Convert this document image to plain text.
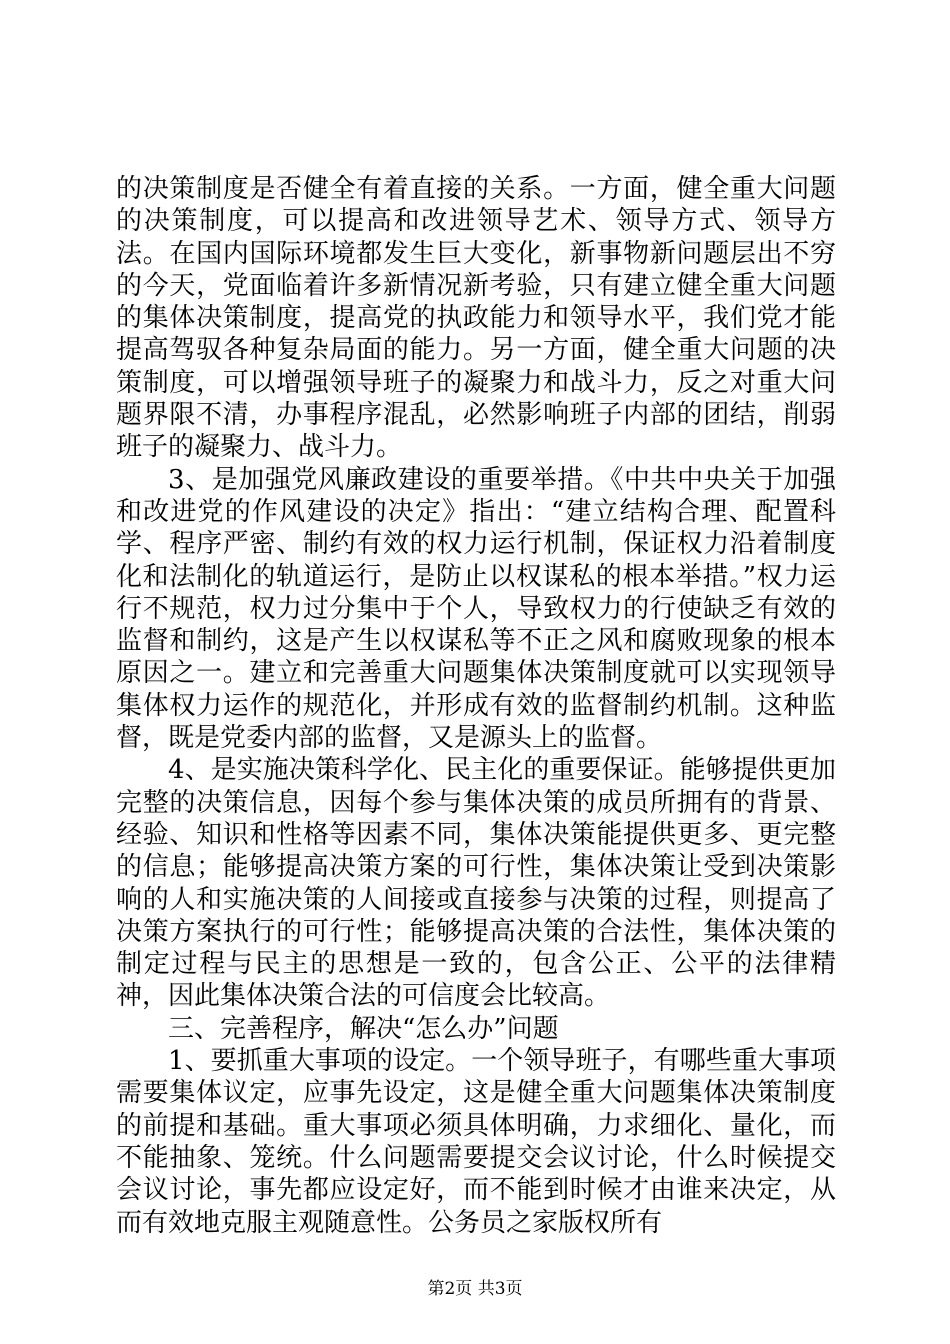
的决策制度是否健全有着直接的关系。一方面，健全重大问题的决策制度，可以提高和改进领导艺术、领导方式、领导方法。在国内国际环境都发生巨大变化，新事物新问题层出不穷的今天，党面临着许多新情况新考验，只有建立健全重大问题的集体决策制度，提高党的执政能力和领导水平，我们党才能提高驾驭各种复杂局面的能力。另一方面，健全重大问题的决策制度，可以增强领导班子的凝聚力和战斗力，反之对重大问题界限不清，办事程序混乱，必然影响班子内部的团结，削弱班子的凝聚力、战斗力。

3、是加强党风廉政建设的重要举措。《中共中央关于加强和改进党的作风建设的决定》指出：“建立结构合理、配置科学、程序严密、制约有效的权力运行机制，保证权力沿着制度化和法制化的轨道运行，是防止以权谋私的根本举措。”权力运行不规范，权力过分集中于个人，导致权力的行使缺乏有效的监督和制约，这是产生以权谋私等不正之风和腐败现象的根本原因之一。建立和完善重大问题集体决策制度就可以实现领导集体权力运作的规范化，并形成有效的监督制约机制。这种监督，既是党委内部的监督，又是源头上的监督。

4、是实施决策科学化、民主化的重要保证。能够提供更加完整的决策信息，因每个参与集体决策的成员所拥有的背景、经验、知识和性格等因素不同，集体决策能提供更多、更完整的信息；能够提高决策方案的可行性，集体决策让受到决策影响的人和实施决策的人间接或直接参与决策的过程，则提高了决策方案执行的可行性；能够提高决策的合法性，集体决策的制定过程与民主的思想是一致的，包含公正、公平的法律精神，因此集体决策合法的可信度会比较高。

三、完善程序，解决“怎么办”问题

1、要抓重大事项的设定。一个领导班子，有哪些重大事项需要集体议定，应事先设定，这是健全重大问题集体决策制度的前提和基础。重大事项必须具体明确，力求细化、量化，而不能抽象、笼统。什么问题需要提交会议讨论，什么时候提交会议讨论，事先都应设定好，而不能到时候才由谁来决定，从而有效地克服主观随意性。公务员之家版权所有

第2页 共3页
